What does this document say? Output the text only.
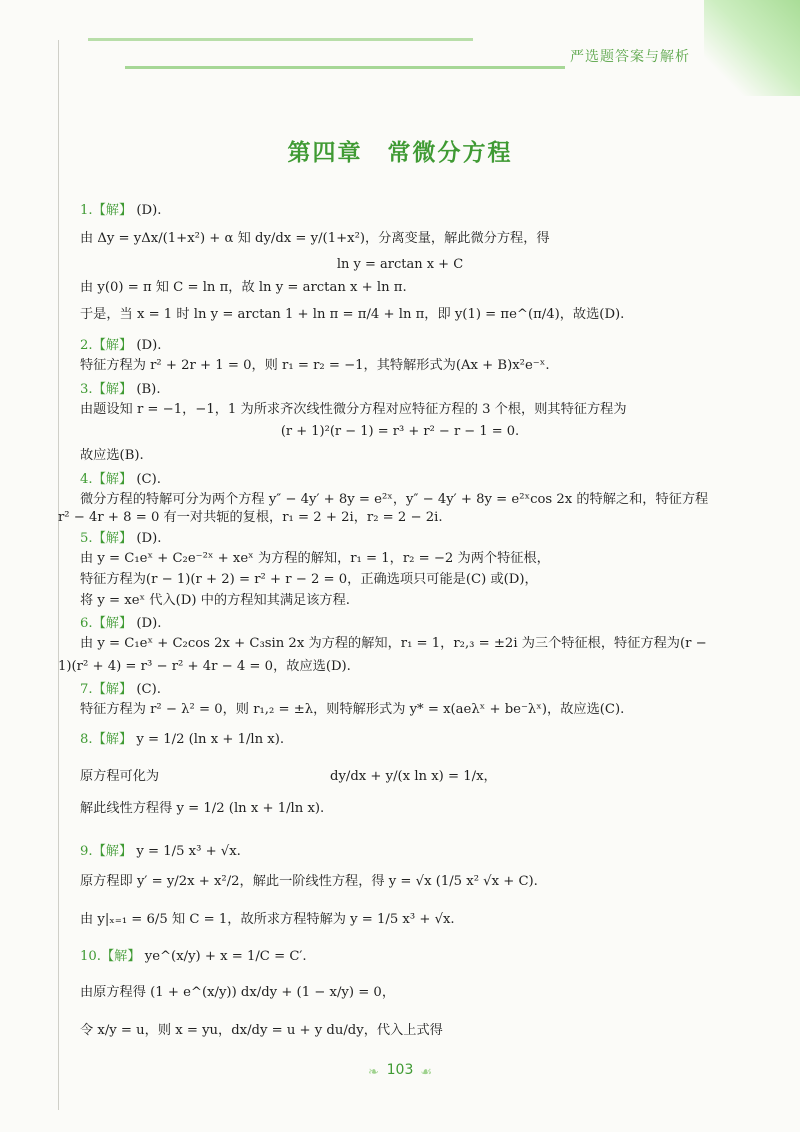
严选题答案与解析
第四章　常微分方程
1.【解】 (D).
由 Δy = yΔx/(1+x²) + α 知 dy/dx = y/(1+x²)，分离变量，解此微分方程，得
ln y = arctan x + C
由 y(0) = π 知 C = ln π，故 ln y = arctan x + ln π.
于是，当 x = 1 时 ln y = arctan 1 + ln π = π/4 + ln π，即 y(1) = πe^(π/4)，故选(D).
2.【解】 (D).
特征方程为 r² + 2r + 1 = 0，则 r₁ = r₂ = −1，其特解形式为(Ax + B)x²e⁻ˣ.
3.【解】 (B).
由题设知 r = −1，−1，1 为所求齐次线性微分方程对应特征方程的 3 个根，则其特征方程为
(r + 1)²(r − 1) = r³ + r² − r − 1 = 0.
故应选(B).
4.【解】 (C).
微分方程的特解可分为两个方程 y″ − 4y′ + 8y = e²ˣ，y″ − 4y′ + 8y = e²ˣcos 2x 的特解之和，特征方程
r² − 4r + 8 = 0 有一对共轭的复根，r₁ = 2 + 2i，r₂ = 2 − 2i.
5.【解】 (D).
由 y = C₁eˣ + C₂e⁻²ˣ + xeˣ 为方程的解知，r₁ = 1，r₂ = −2 为两个特征根，
特征方程为(r − 1)(r + 2) = r² + r − 2 = 0，正确选项只可能是(C) 或(D)，
将 y = xeˣ 代入(D) 中的方程知其满足该方程.
6.【解】 (D).
由 y = C₁eˣ + C₂cos 2x + C₃sin 2x 为方程的解知，r₁ = 1，r₂,₃ = ±2i 为三个特征根，特征方程为(r −
1)(r² + 4) = r³ − r² + 4r − 4 = 0，故应选(D).
7.【解】 (C).
特征方程为 r² − λ² = 0，则 r₁,₂ = ±λ，则特解形式为 y* = x(aeλˣ + be⁻λˣ)，故应选(C).
8.【解】 y = 1/2 (ln x + 1/ln x).
原方程可化为	dy/dx + y/(x ln x) = 1/x，
解此线性方程得 y = 1/2 (ln x + 1/ln x).
9.【解】 y = 1/5 x³ + √x.
原方程即 y′ = y/2x + x²/2，解此一阶线性方程，得 y = √x (1/5 x² √x + C).
由 y|ₓ₌₁ = 6/5 知 C = 1，故所求方程特解为 y = 1/5 x³ + √x.
10.【解】 ye^(x/y) + x = 1/C = C′.
由原方程得 (1 + e^(x/y)) dx/dy + (1 − x/y) = 0，
令 x/y = u，则 x = yu，dx/dy = u + y du/dy，代入上式得
❧ 103 ☙
